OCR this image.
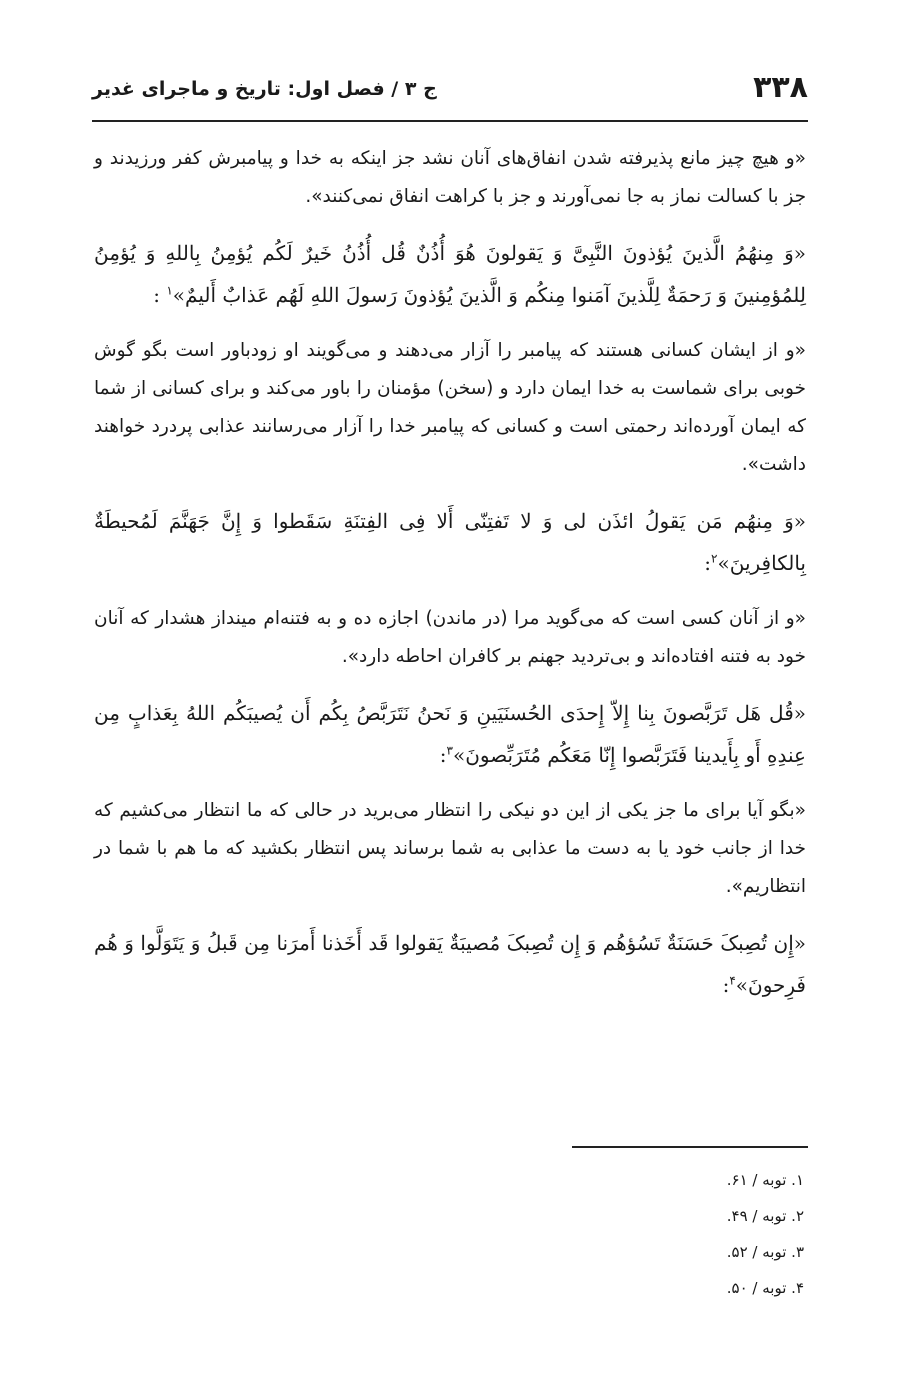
۳۳۸
ج ۳ / فصل اول: تاریخ و ماجرای غدیر

«و هیچ چیز مانع پذیرفته شدن انفاق‌های آنان نشد جز اینکه به خدا و پیامبرش کفر ورزیدند و جز با کسالت نماز به جا نمی‌آورند و جز با کراهت انفاق نمی‌کنند».

«وَ مِنهُمُ الَّذینَ یُؤذونَ النَّبِیَّ وَ یَقولونَ هُوَ أُذُنٌ قُل أُذُنُ خَیرٌ لَکُم یُؤمِنُ بِاللهِ وَ یُؤمِنُ لِلمُؤمِنینَ وَ رَحمَةٌ لِلَّذینَ آمَنوا مِنکُم وَ الَّذینَ یُؤذونَ رَسولَ اللهِ لَهُم عَذابٌ أَلیمٌ»$^۱$ :

«و از ایشان کسانی هستند که پیامبر را آزار می‌دهند و می‌گویند او زودباور است بگو گوش خوبی برای شماست به خدا ایمان دارد و (سخن) مؤمنان را باور می‌کند و برای کسانی از شما که ایمان آورده‌اند رحمتی است و کسانی که پیامبر خدا را آزار می‌رسانند عذابی پردرد خواهند داشت».

«وَ مِنهُم مَن یَقولُ ائذَن لی وَ لا تَفتِنّی أَلا فِی الفِتنَةِ سَقَطوا وَ إِنَّ جَهَنَّمَ لَمُحیطَةٌ بِالکافِرینَ»$^۲$:

«و از آنان کسی است که می‌گوید مرا (در ماندن) اجازه ده و به فتنه‌ام مینداز هشدار که آنان خود به فتنه افتاده‌اند و بی‌تردید جهنم بر کافران احاطه دارد».

«قُل هَل تَرَبَّصونَ بِنا إِلاّ إِحدَی الحُسنَیَینِ وَ نَحنُ نَتَرَبَّصُ بِکُم أَن یُصیبَکُم اللهُ بِعَذابٍ مِن عِندِهِ أَو بِأَیدینا فَتَرَبَّصوا إِنّا مَعَکُم مُتَرَبِّصونَ»$^۳$:

«بگو آیا برای ما جز یکی از این دو نیکی را انتظار می‌برید در حالی که ما انتظار می‌کشیم که خدا از جانب خود یا به دست ما عذابی به شما برساند پس انتظار بکشید که ما هم با شما در انتظاریم».

«إِن تُصِبکَ حَسَنَةٌ تَسُؤهُم وَ إِن تُصِبکَ مُصیبَةٌ یَقولوا قَد أَخَذنا أَمرَنا مِن قَبلُ وَ یَتَوَلَّوا وَ هُم فَرِحونَ»$^۴$:

۱. توبه / ۶۱.

۲. توبه / ۴۹.

۳. توبه / ۵۲.

۴. توبه / ۵۰.
